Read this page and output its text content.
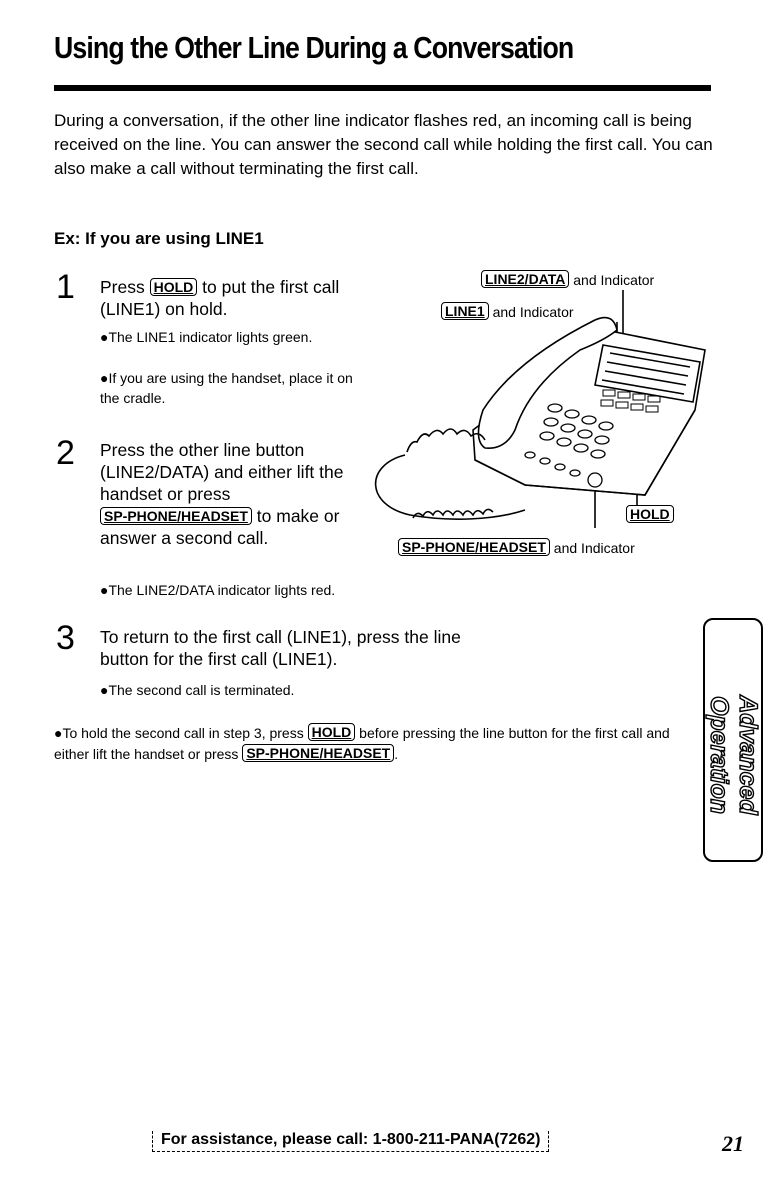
Using the Other Line During a Conversation
During a conversation, if the other line indicator flashes red, an incoming call is being received on the line. You can answer the second call while holding the first call. You can also make a call without terminating the first call.
Ex: If you are using LINE1
1 Press HOLD to put the first call (LINE1) on hold.
●The LINE1 indicator lights green.
●If you are using the handset, place it on the cradle.
2 Press the other line button (LINE2/DATA) and either lift the handset or press SP-PHONE/HEADSET to make or answer a second call.
●The LINE2/DATA indicator lights red.
3 To return to the first call (LINE1), press the line button for the first call (LINE1).
●The second call is terminated.
●To hold the second call in step 3, press HOLD before pressing the line button for the first call and either lift the handset or press SP-PHONE/HEADSET .
LINE2/DATA and Indicator
LINE1 and Indicator
HOLD
SP-PHONE/HEADSET and Indicator
Advanced Operation
For assistance, please call: 1-800-211-PANA(7262)	21
